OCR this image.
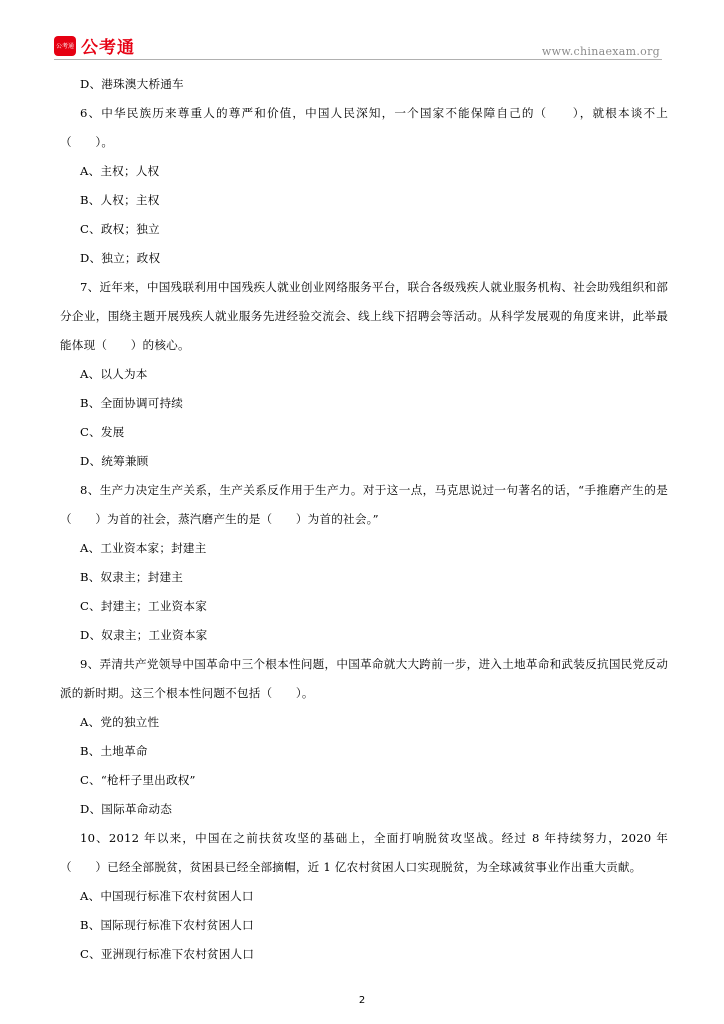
公考通 公考通	www.chinaexam.org
D、港珠澳大桥通车
6、中华民族历来尊重人的尊严和价值，中国人民深知，一个国家不能保障自己的（　　），就根本谈不上（　　）。
A、主权；人权
B、人权；主权
C、政权；独立
D、独立；政权
7、近年来，中国残联利用中国残疾人就业创业网络服务平台，联合各级残疾人就业服务机构、社会助残组织和部分企业，围绕主题开展残疾人就业服务先进经验交流会、线上线下招聘会等活动。从科学发展观的角度来讲，此举最能体现（　　）的核心。
A、以人为本
B、全面协调可持续
C、发展
D、统筹兼顾
8、生产力决定生产关系，生产关系反作用于生产力。对于这一点，马克思说过一句著名的话，“手推磨产生的是（　　）为首的社会，蒸汽磨产生的是（　　）为首的社会。”
A、工业资本家；封建主
B、奴隶主；封建主
C、封建主；工业资本家
D、奴隶主；工业资本家
9、弄清共产党领导中国革命中三个根本性问题，中国革命就大大跨前一步，进入土地革命和武装反抗国民党反动派的新时期。这三个根本性问题不包括（　　）。
A、党的独立性
B、土地革命
C、“枪杆子里出政权”
D、国际革命动态
10、2012 年以来，中国在之前扶贫攻坚的基础上，全面打响脱贫攻坚战。经过 8 年持续努力，2020 年（　　）已经全部脱贫，贫困县已经全部摘帽，近 1 亿农村贫困人口实现脱贫，为全球减贫事业作出重大贡献。
A、中国现行标准下农村贫困人口
B、国际现行标准下农村贫困人口
C、亚洲现行标准下农村贫困人口
2
